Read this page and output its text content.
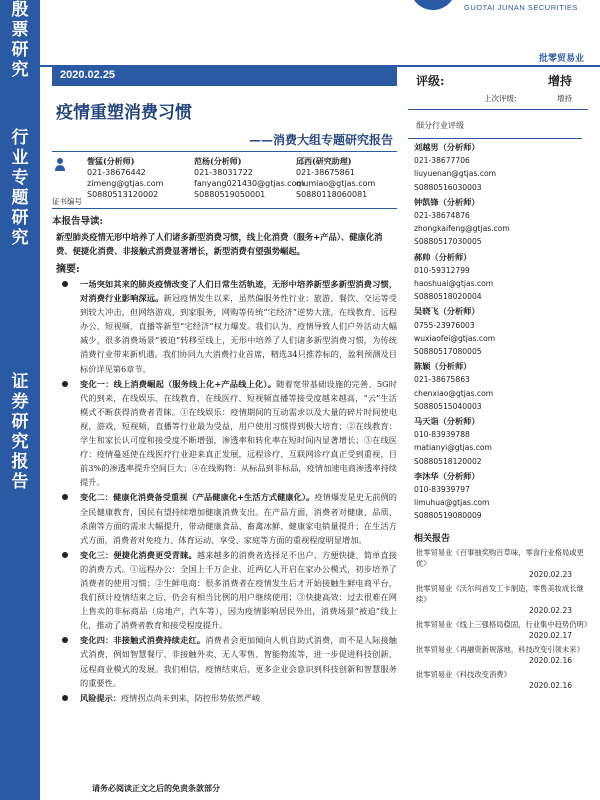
殷票研究
行业专题研究
证券研究报告
GUOTAI JUNAN SECURITIES
批零贸易业
2020.02.25
疫情重塑消费习惯
——消费大组专题研究报告
证书编号
訾猛(分析师)
021-38676442
zimeng@gtjas.com
S0880513120002
范杨(分析师)
021-38031722
fanyang021430@gtjas.com
S0880519050001
邱西(研究助理)
021-38675861
qiumiao@gtjas.com
S0880118060081
本报告导读:
新型肺炎疫情无形中培养了人们诸多新型消费习惯，线上化消费（服务+产品）、健康化消费、便捷化消费、非接触式消费显著增长，新型消费有望强势崛起。
摘要:
一场突如其来的肺炎疫情改变了人们日常生活轨迹，无形中培养新型多新型消费习惯，对消费行业影响深远。新冠疫情发生以来，虽然偏服务性行业：旅游、餐饮、交运等受到较大冲击，但网络游戏，到家服务，网购等传统“宅经济”逆势大涨，在线教育、远程办公、短视频、直播等新型“宅经济”权力爆发。我们认为，疫情导致人们户外活动大幅减少，很多消费场景“被迫”转移至线上，无形中培养了人们诸多新型消费习惯，为传统消费行业带来新机遇。我们协同九大消费行业首席，精选34只推荐标的，盈利预测及目标价详见第6章节。
变化一：线上消费崛起（服务线上化+产品线上化）。随着宽带基础设施的完善、5G时代的到来，在线娱乐、在线教育、在线医疗、短视频直播等接受度越来越高，“云”生活模式不断获得消费者青睐。①在线娱乐：疫情期间的互动需求以及大量的碎片时间使电视，游戏，短视频，直播等行业最为受益，用户使用习惯得到极大培育；②在线教育：学生和家长认可度和接受度不断增强，渗透率和转化率在短时间内显著增长；③在线医疗：疫情蔓延使在线医疗行业迎来真正发展，远程诊疗、互联网诊疗真正受到重视，目前3%的渗透率提升空间巨大；④在线购物：从标品到非标品，疫情加速电商渗透率持续提升。
变化二：健康化消费备受重视（产品健康化+生活方式健康化）。疫情爆发是史无前例的全民健康教育，国民有望持续增加健康消费支出。在产品方面，消费者对健康、品质、杀菌等方面的需求大幅提升，带动健康食品、畜禽冰鲜、健康家电销量提升；在生活方式方面，消费者对免疫力、体育运动、享受、家庭等方面的重视程度明显增加。
变化三：便捷化消费更受青睐。越来越多的消费者选择足不出户、方便快捷、简单直接的消费方式。①远程办公：全国上千万企业、近两亿人开启在家办公模式，初步培养了消费者的使用习惯；②生鲜电商：很多消费者在疫情发生后才开始接触生鲜电商平台，我们预计疫情结束之后，仍会有相当比例的用户继续使用；③快捷高效：过去很难在网上售卖的非标商品（房地产，汽车等），因为疫情影响居民外出，消费场景“被迫”线上化，推动了消费者教育和接受程度提升。
变化四：非接触式消费持续走红。消费者会更加倾向人机自助式消费，而不是人际接触式消费，例如智慧餐厅、非接触外卖、无人零售、智能物流等，进一步促进科技创新、远程商业模式的发展。我们相信，疫情结束后，更多企业会意识到科技创新和智慧服务的重要性。
风险提示：疫情拐点尚未到来，防控形势依然严峻
请务必阅读正文之后的免责条款部分
评级:	增持
上次评级:	增持
细分行业评级
刘越男（分析师）
021-38677706
liuyuenan@gtjas.com
S0880516030003
钟凯锋（分析师）
021-38674876
zhongkaifeng@gtjas.com
S0880517030005
郝帅（分析师）
010-59312799
haoshuai@gtjas.com
S0880518020004
吴晓飞（分析师）
0755-23976003
wuxiaofei@gtjas.com
S0880517080005
陈颖（分析师）
021-38675863
chenxiao@gtjas.com
S0880515040003
马天诣（分析师）
010-83939788
matianyi@gtjas.com
S0880518120002
李沐华（分析师）
010-83939797
limuhua@gtjas.com
S0880519080009
相关报告
批零贸易业《百事抽奖购百草味，零食行业格局或更优》
2020.02.23
批零贸易业《沃尔玛首发工卡制造，零售美妆成长继续》
2020.02.23
批零贸易业《线上三强格局稳固，行业集中趋势仍明》
2020.02.17
批零贸易业《再融资新规落地，科技改变引领未来》
2020.02.16
批零贸易业《科技改变消费》
2020.02.16
